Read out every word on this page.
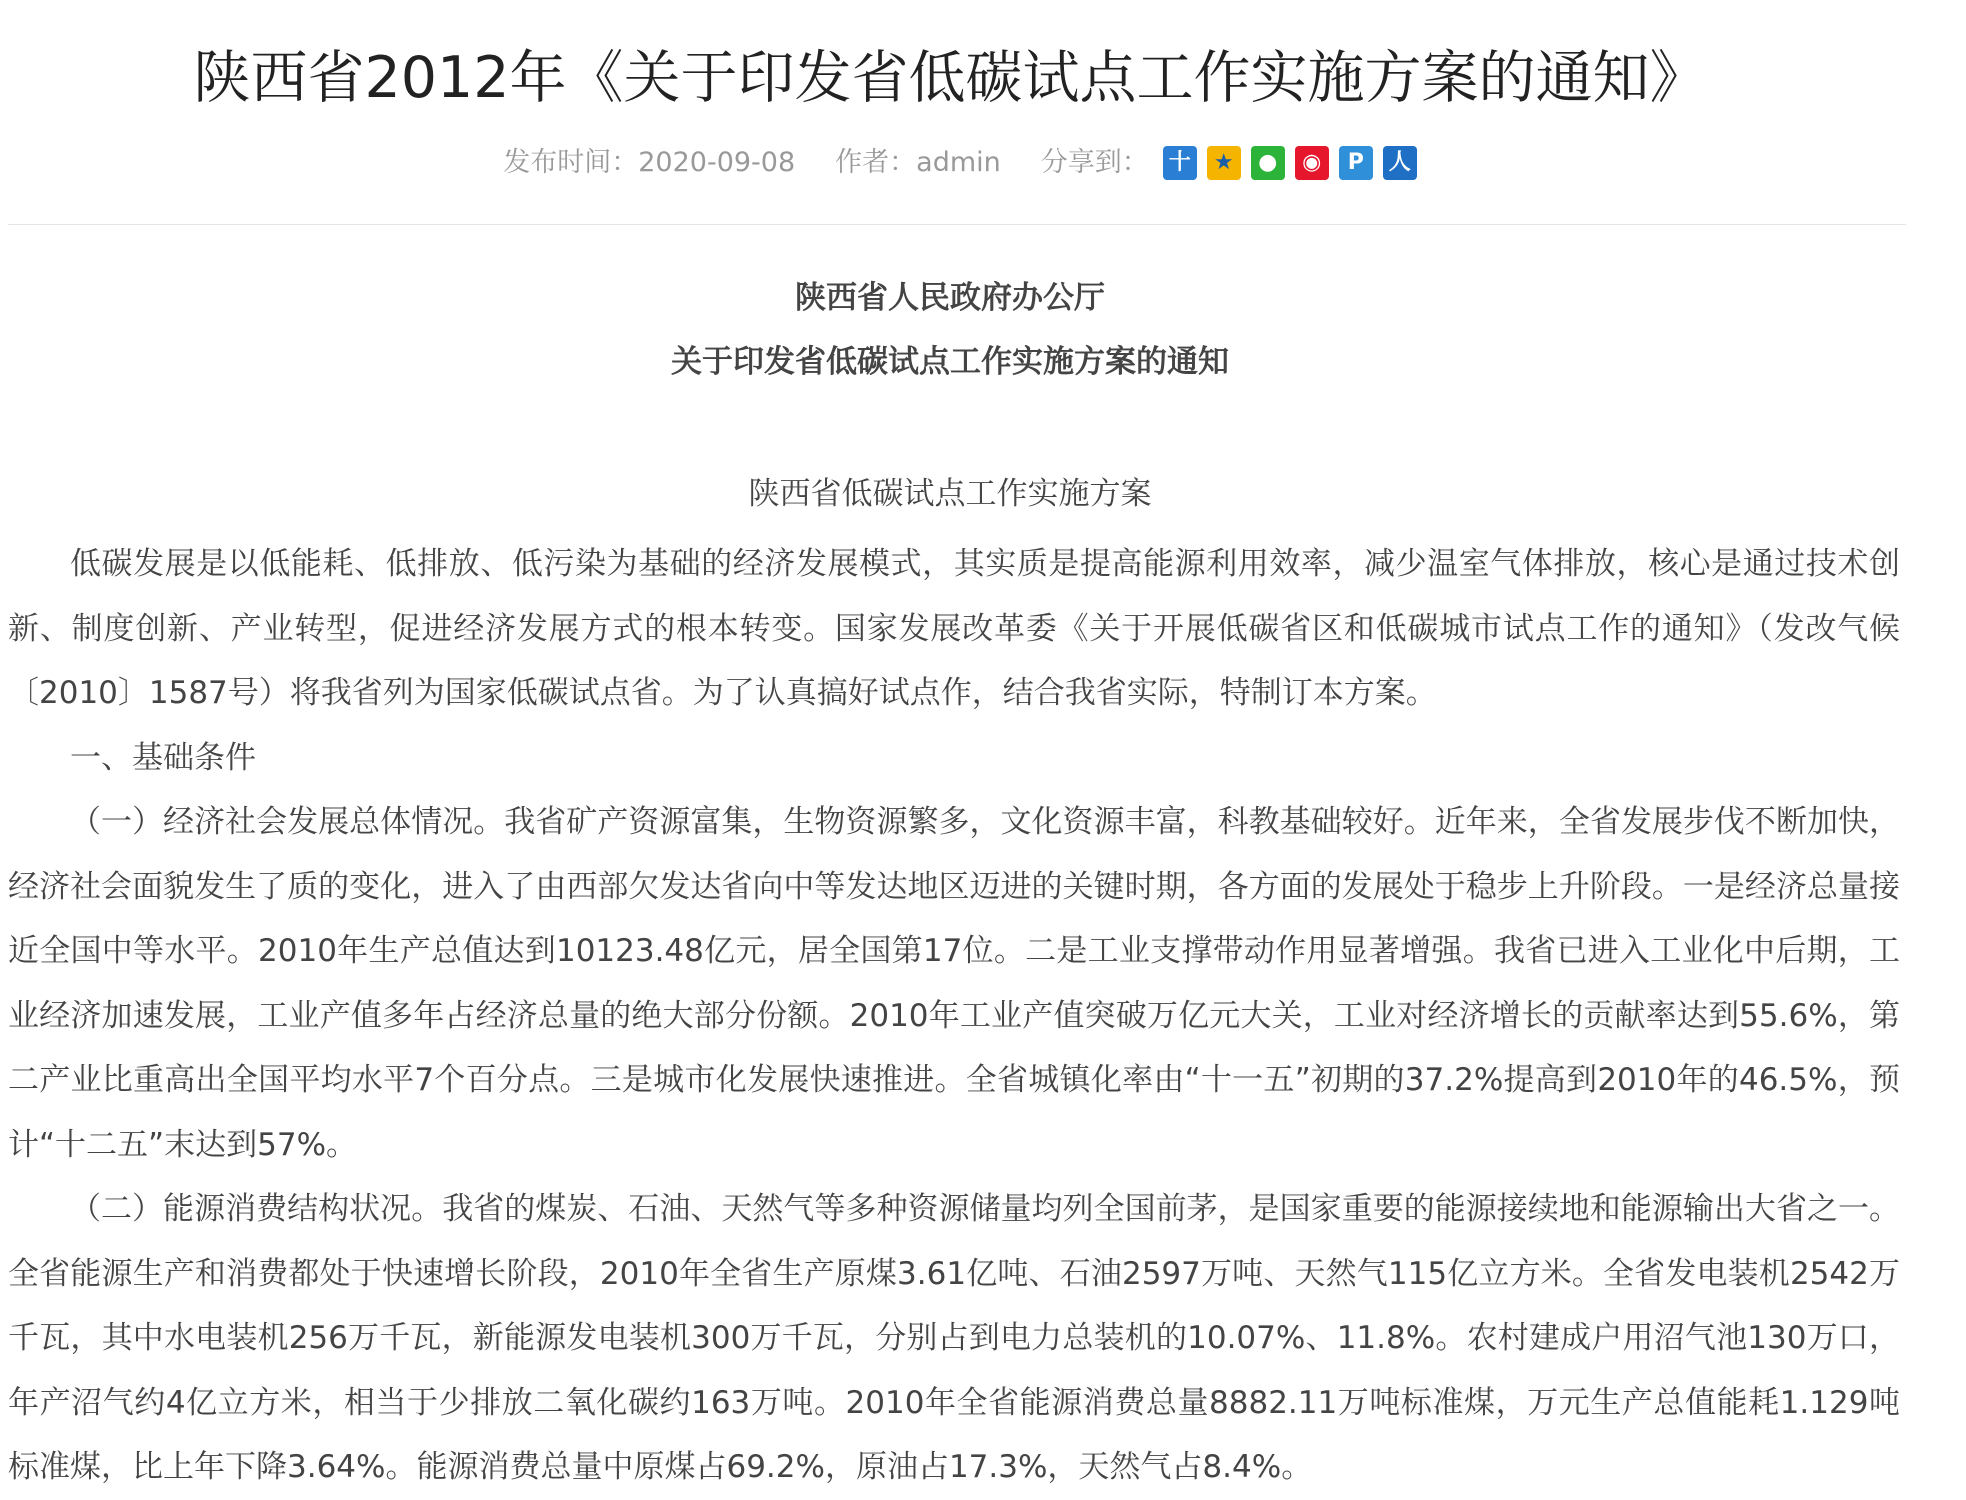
陕西省2012年《关于印发省低碳试点工作实施方案的通知》
发布时间：2020-09-08 作者：admin 分享到： 十	★	●	◉	P	人
陕西省人民政府办公厅
关于印发省低碳试点工作实施方案的通知
陕西省低碳试点工作实施方案

低碳发展是以低能耗、低排放、低污染为基础的经济发展模式，其实质是提高能源利用效率，减少温室气体排放，核心是通过技术创新、制度创新、产业转型，促进经济发展方式的根本转变。国家发展改革委《关于开展低碳省区和低碳城市试点工作的通知》（发改气候〔2010〕1587号）将我省列为国家低碳试点省。为了认真搞好试点作，结合我省实际，特制订本方案。

一、基础条件

（一）经济社会发展总体情况。我省矿产资源富集，生物资源繁多，文化资源丰富，科教基础较好。近年来，全省发展步伐不断加快，经济社会面貌发生了质的变化，进入了由西部欠发达省向中等发达地区迈进的关键时期，各方面的发展处于稳步上升阶段。一是经济总量接近全国中等水平。2010年生产总值达到10123.48亿元，居全国第17位。二是工业支撑带动作用显著增强。我省已进入工业化中后期，工业经济加速发展，工业产值多年占经济总量的绝大部分份额。2010年工业产值突破万亿元大关，工业对经济增长的贡献率达到55.6%，第二产业比重高出全国平均水平7个百分点。三是城市化发展快速推进。全省城镇化率由“十一五”初期的37.2%提高到2010年的46.5%，预计“十二五”末达到57%。

（二）能源消费结构状况。我省的煤炭、石油、天然气等多种资源储量均列全国前茅，是国家重要的能源接续地和能源输出大省之一。全省能源生产和消费都处于快速增长阶段，2010年全省生产原煤3.61亿吨、石油2597万吨、天然气115亿立方米。全省发电装机2542万千瓦，其中水电装机256万千瓦，新能源发电装机300万千瓦，分别占到电力总装机的10.07%、11.8%。农村建成户用沼气池130万口，年产沼气约4亿立方米，相当于少排放二氧化碳约163万吨。2010年全省能源消费总量8882.11万吨标准煤，万元生产总值能耗1.129吨标准煤，比上年下降3.64%。能源消费总量中原煤占69.2%，原油占17.3%，天然气占8.4%。
